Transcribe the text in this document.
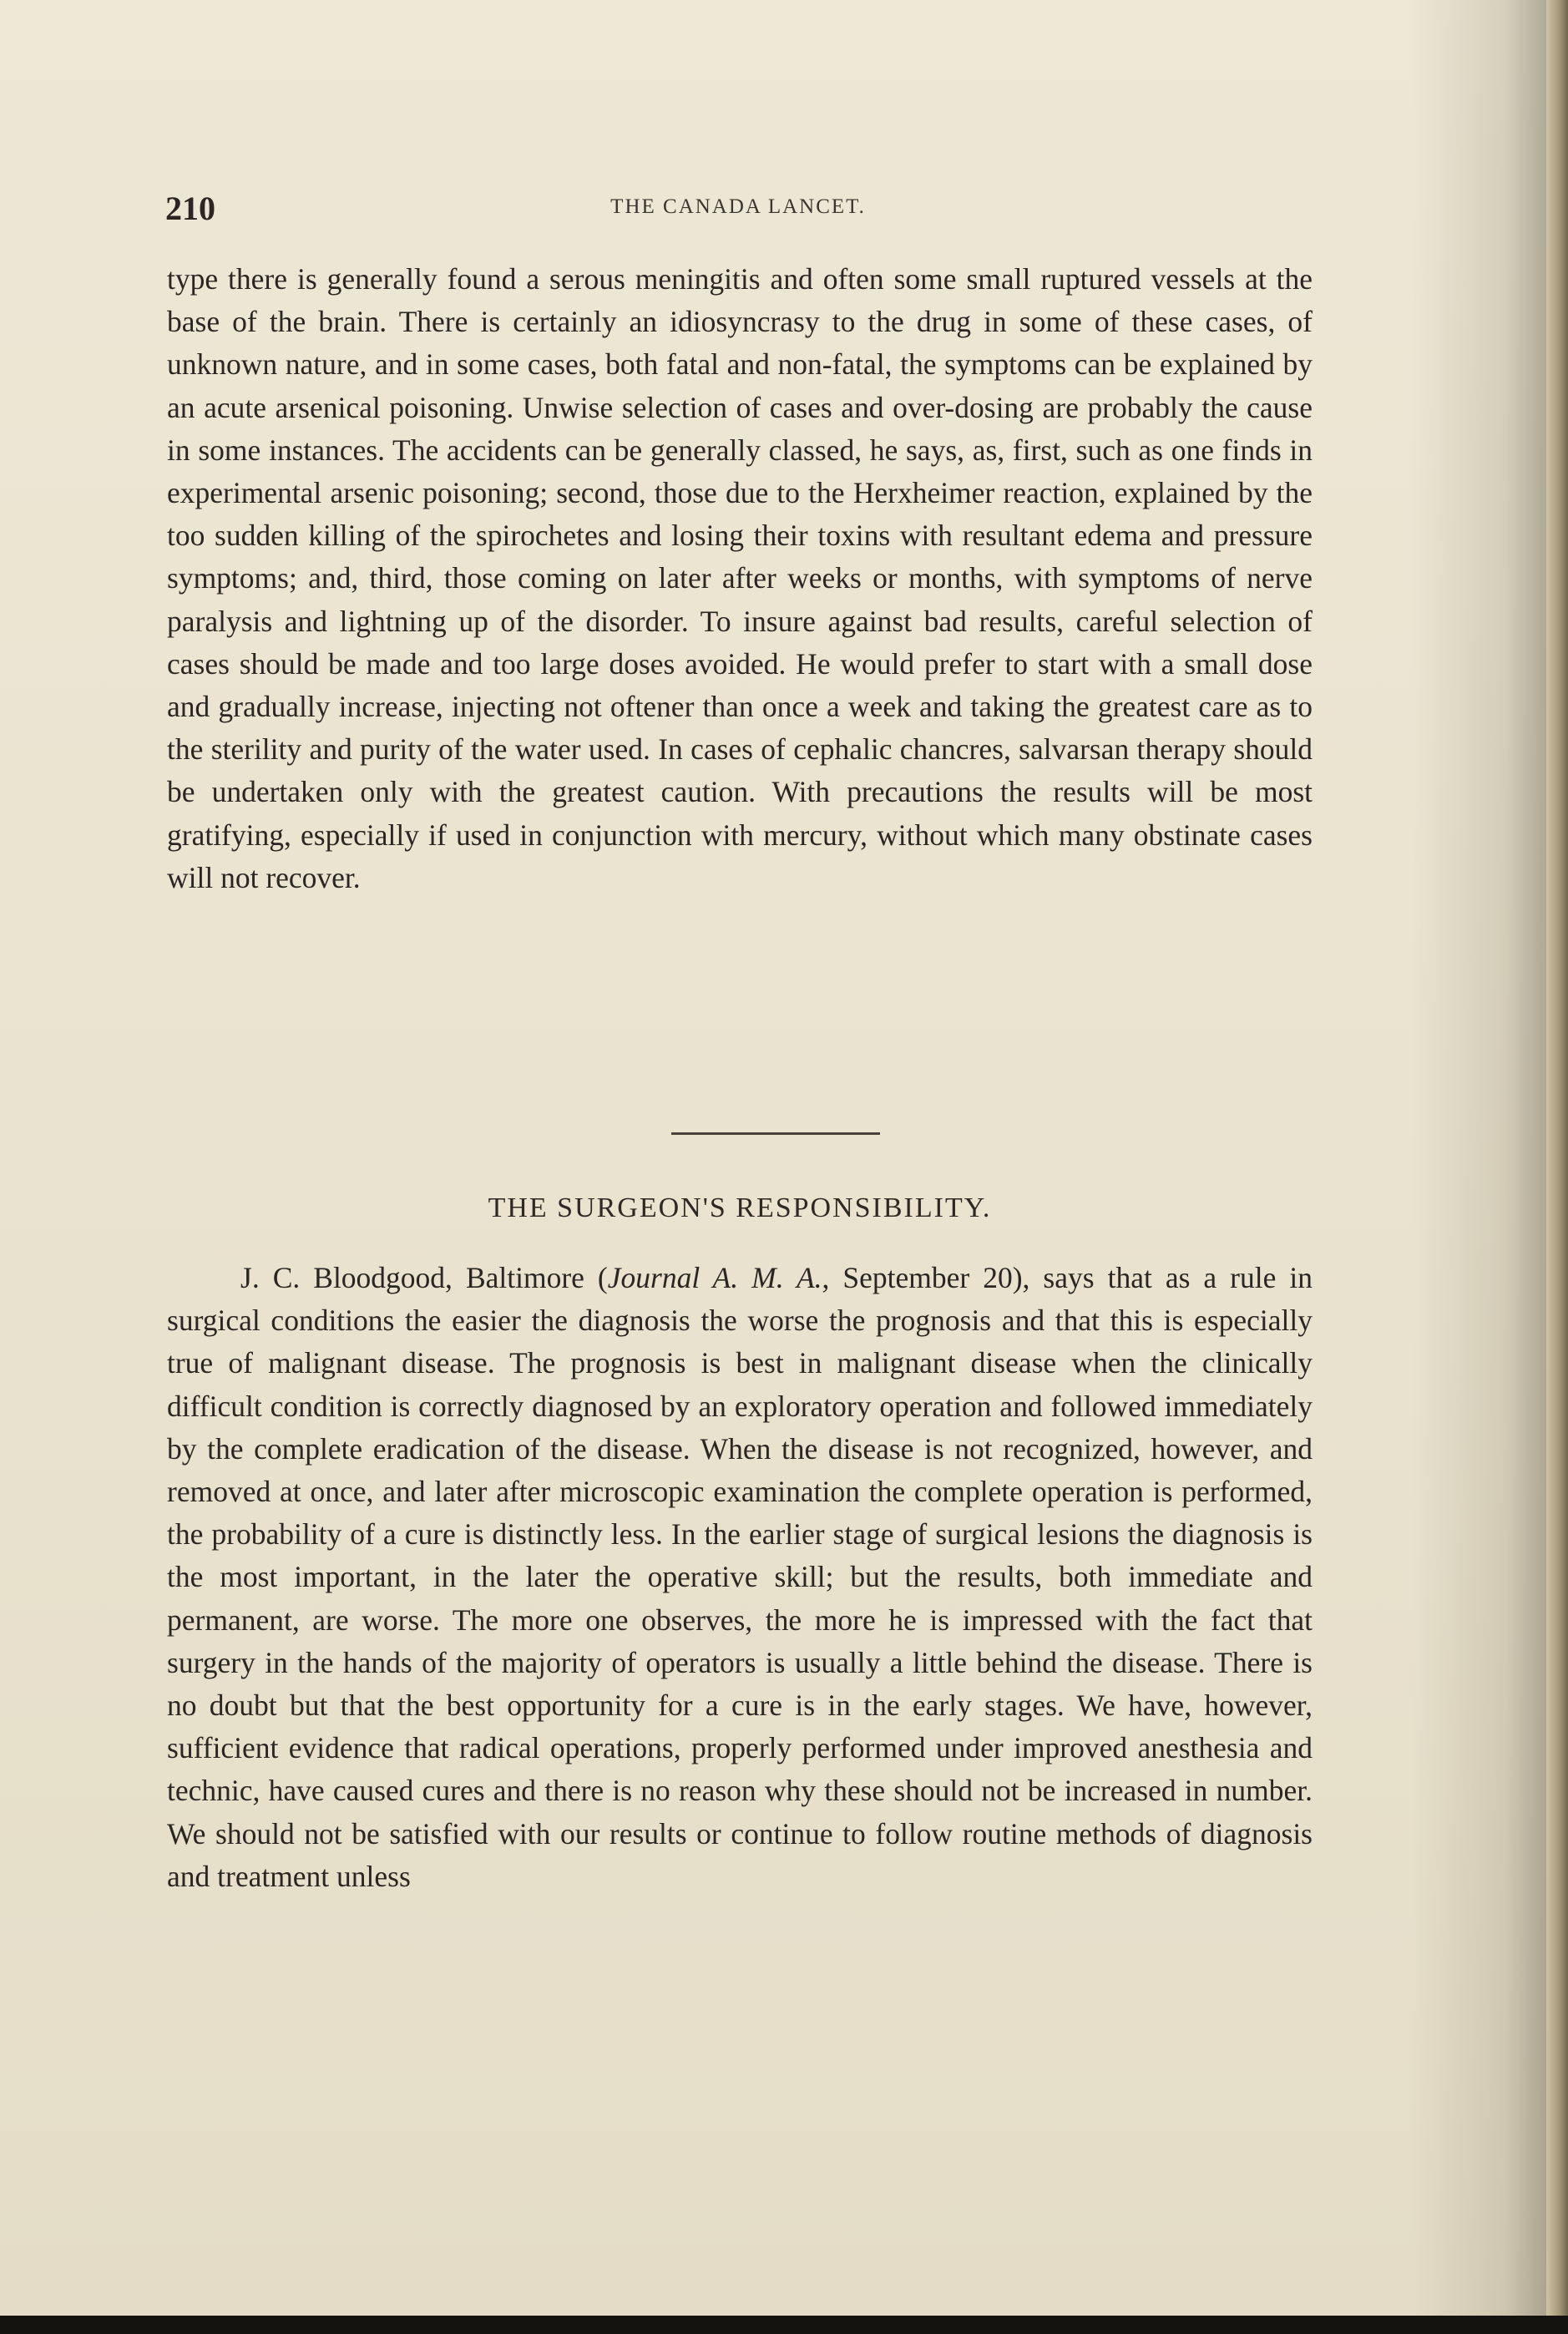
210	THE CANADA LANCET.

type there is generally found a serous meningitis and often some small ruptured vessels at the base of the brain. There is certainly an idiosyncrasy to the drug in some of these cases, of unknown nature, and in some cases, both fatal and non-fatal, the symptoms can be explained by an acute arsenical poisoning. Unwise selection of cases and over-dosing are probably the cause in some instances. The accidents can be generally classed, he says, as, first, such as one finds in experimental arsenic poisoning; second, those due to the Herxheimer reaction, explained by the too sudden killing of the spirochetes and losing their toxins with resultant edema and pressure symptoms; and, third, those coming on later after weeks or months, with symptoms of nerve paralysis and lightning up of the disorder. To insure against bad results, careful selection of cases should be made and too large doses avoided. He would prefer to start with a small dose and gradually increase, injecting not oftener than once a week and taking the greatest care as to the sterility and purity of the water used. In cases of cephalic chancres, salvarsan therapy should be undertaken only with the greatest caution. With precautions the results will be most gratifying, especially if used in conjunction with mercury, without which many obstinate cases will not recover.

THE SURGEON'S RESPONSIBILITY.

J. C. Bloodgood, Baltimore (Journal A. M. A., September 20), says that as a rule in surgical conditions the easier the diagnosis the worse the prognosis and that this is especially true of malignant disease. The prognosis is best in malignant disease when the clinically difficult condition is correctly diagnosed by an exploratory operation and followed immediately by the complete eradication of the disease. When the disease is not recognized, however, and removed at once, and later after microscopic examination the complete operation is performed, the probability of a cure is distinctly less. In the earlier stage of surgical lesions the diagnosis is the most important, in the later the operative skill; but the results, both immediate and permanent, are worse. The more one observes, the more he is impressed with the fact that surgery in the hands of the majority of operators is usually a little behind the disease. There is no doubt but that the best opportunity for a cure is in the early stages. We have, however, sufficient evidence that radical operations, properly performed under improved anesthesia and technic, have caused cures and there is no reason why these should not be increased in number. We should not be satisfied with our results or continue to follow routine methods of diagnosis and treatment unless
